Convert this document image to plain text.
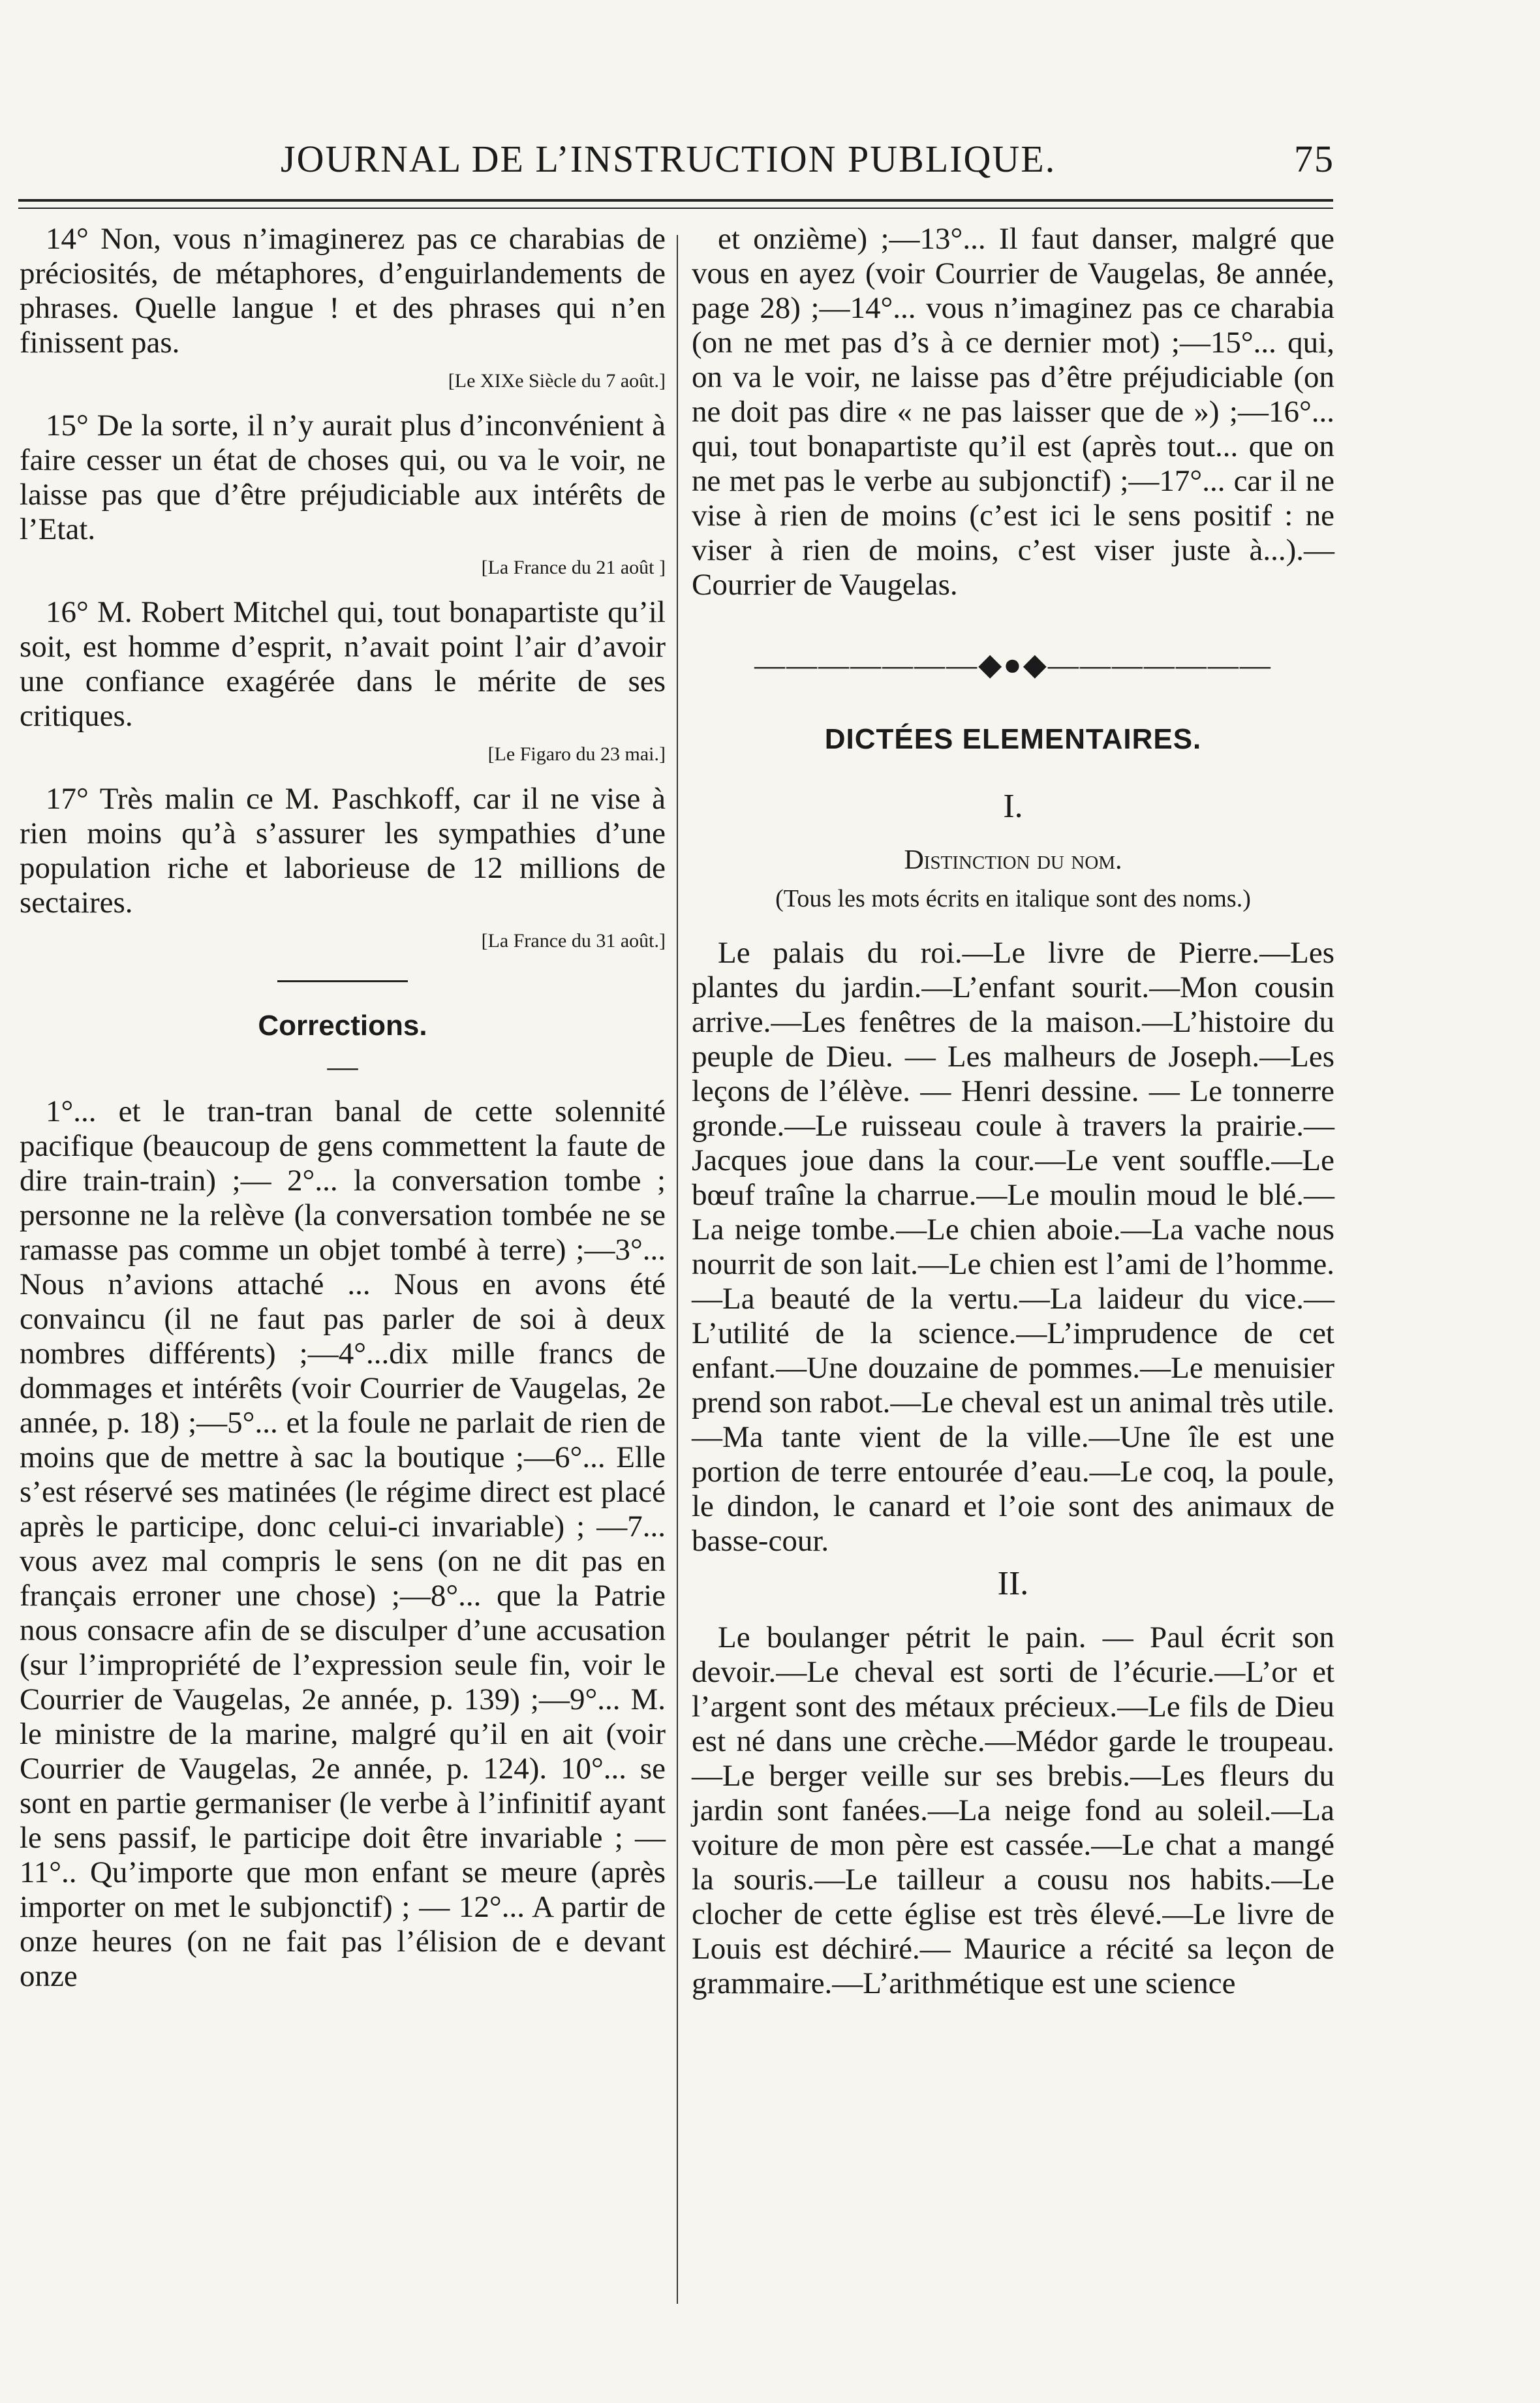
JOURNAL DE L’INSTRUCTION PUBLIQUE.	75

14° Non, vous n’imaginerez pas ce charabias de préciosités, de métaphores, d’enguirlandements de phrases. Quelle langue ! et des phrases qui n’en finissent pas.

[Le XIXe Siècle du 7 août.]

15° De la sorte, il n’y aurait plus d’inconvénient à faire cesser un état de choses qui, ou va le voir, ne laisse pas que d’être préjudiciable aux intérêts de l’Etat.

[La France du 21 août ]

16° M. Robert Mitchel qui, tout bonapartiste qu’il soit, est homme d’esprit, n’avait point l’air d’avoir une confiance exagérée dans le mérite de ses critiques.

[Le Figaro du 23 mai.]

17° Très malin ce M. Paschkoff, car il ne vise à rien moins qu’à s’assurer les sympathies d’une population riche et laborieuse de 12 millions de sectaires.

[La France du 31 août.]

Corrections.

—

1°... et le tran-tran banal de cette solennité pacifique (beaucoup de gens commettent la faute de dire train-train) ;— 2°... la conversation tombe ; personne ne la relève (la conversation tombée ne se ramasse pas comme un objet tombé à terre) ;—3°... Nous n’avions attaché ... Nous en avons été convaincu (il ne faut pas parler de soi à deux nombres différents) ;—4°...dix mille francs de dommages et intérêts (voir Courrier de Vaugelas, 2e année, p. 18) ;—5°... et la foule ne parlait de rien de moins que de mettre à sac la boutique ;—6°... Elle s’est réservé ses matinées (le régime direct est placé après le participe, donc celui-ci invariable) ; —7... vous avez mal compris le sens (on ne dit pas en français erroner une chose) ;—8°... que la Patrie nous consacre afin de se disculper d’une accusation (sur l’impropriété de l’expression seule fin, voir le Courrier de Vaugelas, 2e année, p. 139) ;—9°... M. le ministre de la marine, malgré qu’il en ait (voir Courrier de Vaugelas, 2e année, p. 124). 10°... se sont en partie germaniser (le verbe à l’infinitif ayant le sens passif, le participe doit être invariable ; — 11°.. Qu’importe que mon enfant se meure (après importer on met le subjonctif) ; — 12°... A partir de onze heures (on ne fait pas l’élision de e devant onze

et onzième) ;—13°... Il faut danser, malgré que vous en ayez (voir Courrier de Vaugelas, 8e année, page 28) ;—14°... vous n’imaginez pas ce charabia (on ne met pas d’s à ce dernier mot) ;—15°... qui, on va le voir, ne laisse pas d’être préjudiciable (on ne doit pas dire « ne pas laisser que de ») ;—16°... qui, tout bonapartiste qu’il est (après tout... que on ne met pas le verbe au subjonctif) ;—17°... car il ne vise à rien de moins (c’est ici le sens positif : ne viser à rien de moins, c’est viser juste à...).—Courrier de Vaugelas.

———————◆●◆———————

DICTÉES ELEMENTAIRES.

I.

Distinction du nom.

(Tous les mots écrits en italique sont des noms.)

Le palais du roi.—Le livre de Pierre.—Les plantes du jardin.—L’enfant sourit.—Mon cousin arrive.—Les fenêtres de la maison.—L’histoire du peuple de Dieu. — Les malheurs de Joseph.—Les leçons de l’élève. — Henri dessine. — Le tonnerre gronde.—Le ruisseau coule à travers la prairie.—Jacques joue dans la cour.—Le vent souffle.—Le bœuf traîne la charrue.—Le moulin moud le blé.—La neige tombe.—Le chien aboie.—La vache nous nourrit de son lait.—Le chien est l’ami de l’homme.—La beauté de la vertu.—La laideur du vice.—L’utilité de la science.—L’imprudence de cet enfant.—Une douzaine de pommes.—Le menuisier prend son rabot.—Le cheval est un animal très utile.—Ma tante vient de la ville.—Une île est une portion de terre entourée d’eau.—Le coq, la poule, le dindon, le canard et l’oie sont des animaux de basse-cour.

II.

Le boulanger pétrit le pain. — Paul écrit son devoir.—Le cheval est sorti de l’écurie.—L’or et l’argent sont des métaux précieux.—Le fils de Dieu est né dans une crèche.—Médor garde le troupeau.—Le berger veille sur ses brebis.—Les fleurs du jardin sont fanées.—La neige fond au soleil.—La voiture de mon père est cassée.—Le chat a mangé la souris.—Le tailleur a cousu nos habits.—Le clocher de cette église est très élevé.—Le livre de Louis est déchiré.— Maurice a récité sa leçon de grammaire.—L’arithmétique est une science
